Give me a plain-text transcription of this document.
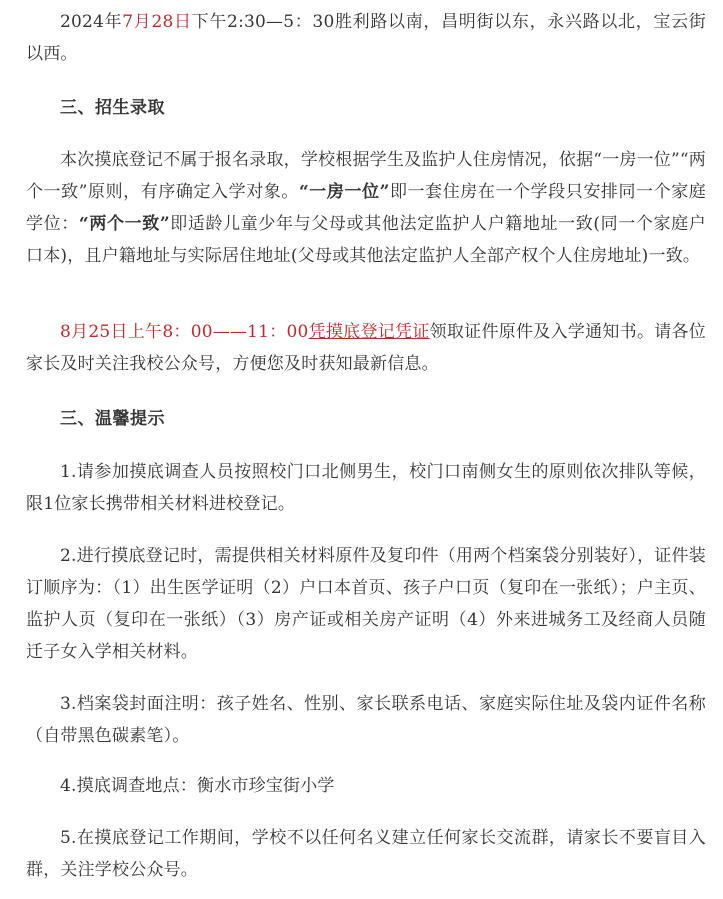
2024年7月28日下午2:30—5：30胜利路以南，昌明街以东，永兴路以北，宝云街以西。

三、招生录取

本次摸底登记不属于报名录取，学校根据学生及监护人住房情况，依据“一房一位”“两个一致”原则，有序确定入学对象。“一房一位”即一套住房在一个学段只安排同一个家庭学位：“两个一致”即适龄儿童少年与父母或其他法定监护人户籍地址一致(同一个家庭户口本)，且户籍地址与实际居住地址(父母或其他法定监护人全部产权个人住房地址)一致。

8月25日上午8：00——11：00凭摸底登记凭证领取证件原件及入学通知书。请各位家长及时关注我校公众号，方便您及时获知最新信息。

三、温馨提示

1.请参加摸底调查人员按照校门口北侧男生，校门口南侧女生的原则依次排队等候，限1位家长携带相关材料进校登记。

2.进行摸底登记时，需提供相关材料原件及复印件（用两个档案袋分别装好），证件装订顺序为：（1）出生医学证明（2）户口本首页、孩子户口页（复印在一张纸）；户主页、监护人页（复印在一张纸）（3）房产证或相关房产证明（4）外来进城务工及经商人员随迁子女入学相关材料。

3.档案袋封面注明：孩子姓名、性别、家长联系电话、家庭实际住址及袋内证件名称（自带黑色碳素笔）。

4.摸底调查地点：衡水市珍宝街小学

5.在摸底登记工作期间，学校不以任何名义建立任何家长交流群，请家长不要盲目入群，关注学校公众号。
